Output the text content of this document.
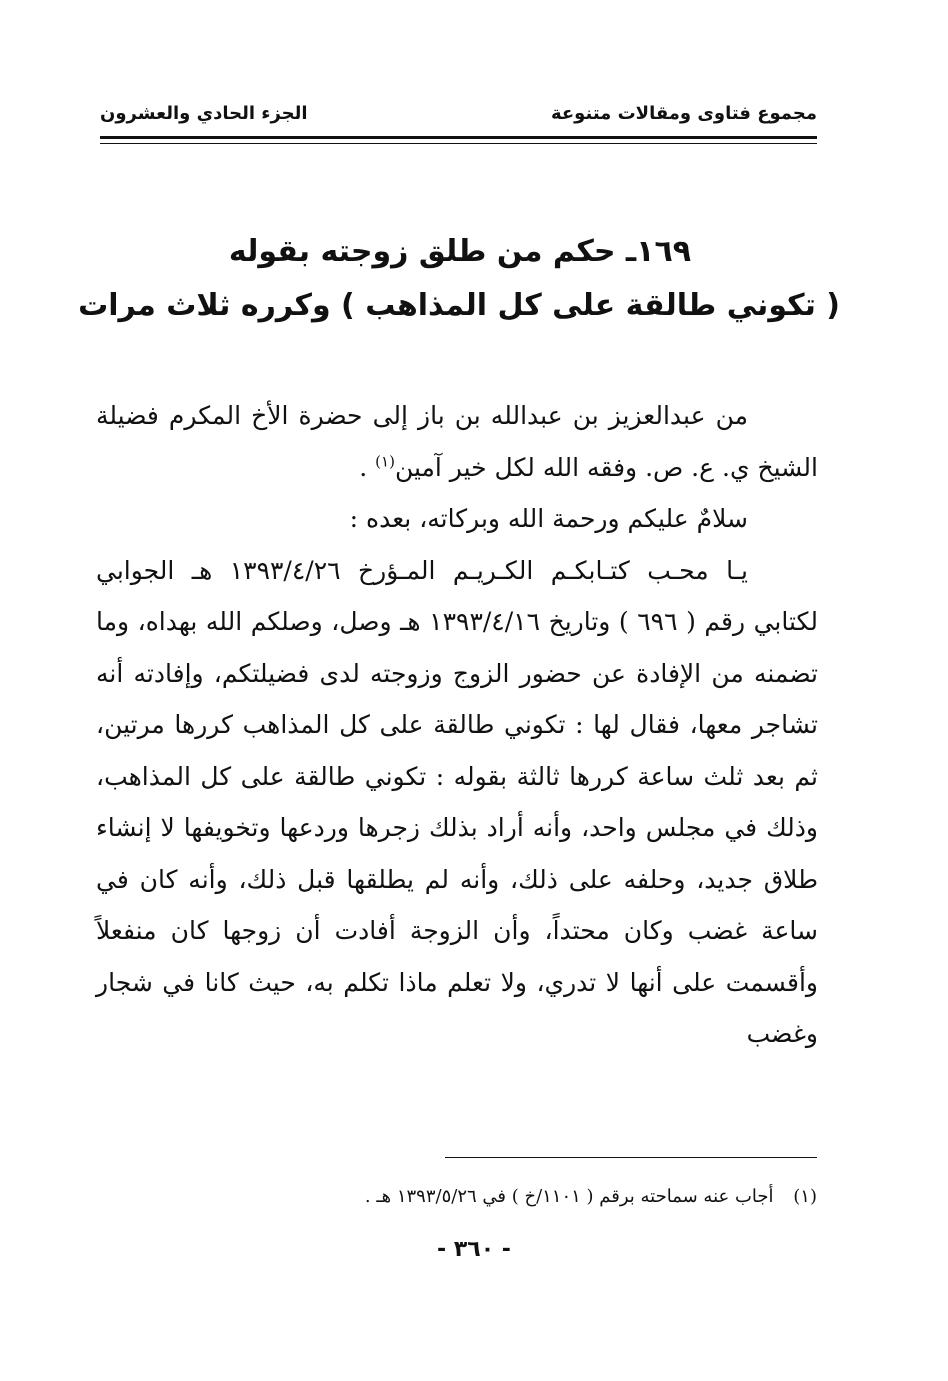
مجموع فتاوى ومقالات متنوعة
الجزء الحادي والعشرون
١٦٩ـ حكم من طلق زوجته بقوله
( تكوني طالقة على كل المذاهب ) وكرره ثلاث مرات

من عبدالعزيز بن عبدالله بن باز إلى حضرة الأخ المكرم فضيلة الشيخ ي. ع. ص. وفقه الله لكل خير آمين$^{(١)}$ .

سلامٌ عليكم ورحمة الله وبركاته، بعده :

يـا محـب كتـابكـم الكـريـم المـؤرخ ١٣٩٣/٤/٢٦ هـ الجوابي لكتابي رقم ( ٦٩٦ ) وتاريخ ١٣٩٣/٤/١٦ هـ وصل، وصلكم الله بهداه، وما تضمنه من الإفادة عن حضور الزوج وزوجته لدى فضيلتكم، وإفادته أنه تشاجر معها، فقال لها : تكوني طالقة على كل المذاهب كررها مرتين، ثم بعد ثلث ساعة كررها ثالثة بقوله : تكوني طالقة على كل المذاهب، وذلك في مجلس واحد، وأنه أراد بذلك زجرها وردعها وتخويفها لا إنشاء طلاق جديد، وحلفه على ذلك، وأنه لم يطلقها قبل ذلك، وأنه كان في ساعة غضب وكان محتداً، وأن الزوجة أفادت أن زوجها كان منفعلاً وأقسمت على أنها لا تدري، ولا تعلم ماذا تكلم به، حيث كانا في شجار وغضب

(١) أجاب عنه سماحته برقم ( ١١٠١/خ ) في ١٣٩٣/٥/٢٦ هـ .
- ٣٦٠ -
